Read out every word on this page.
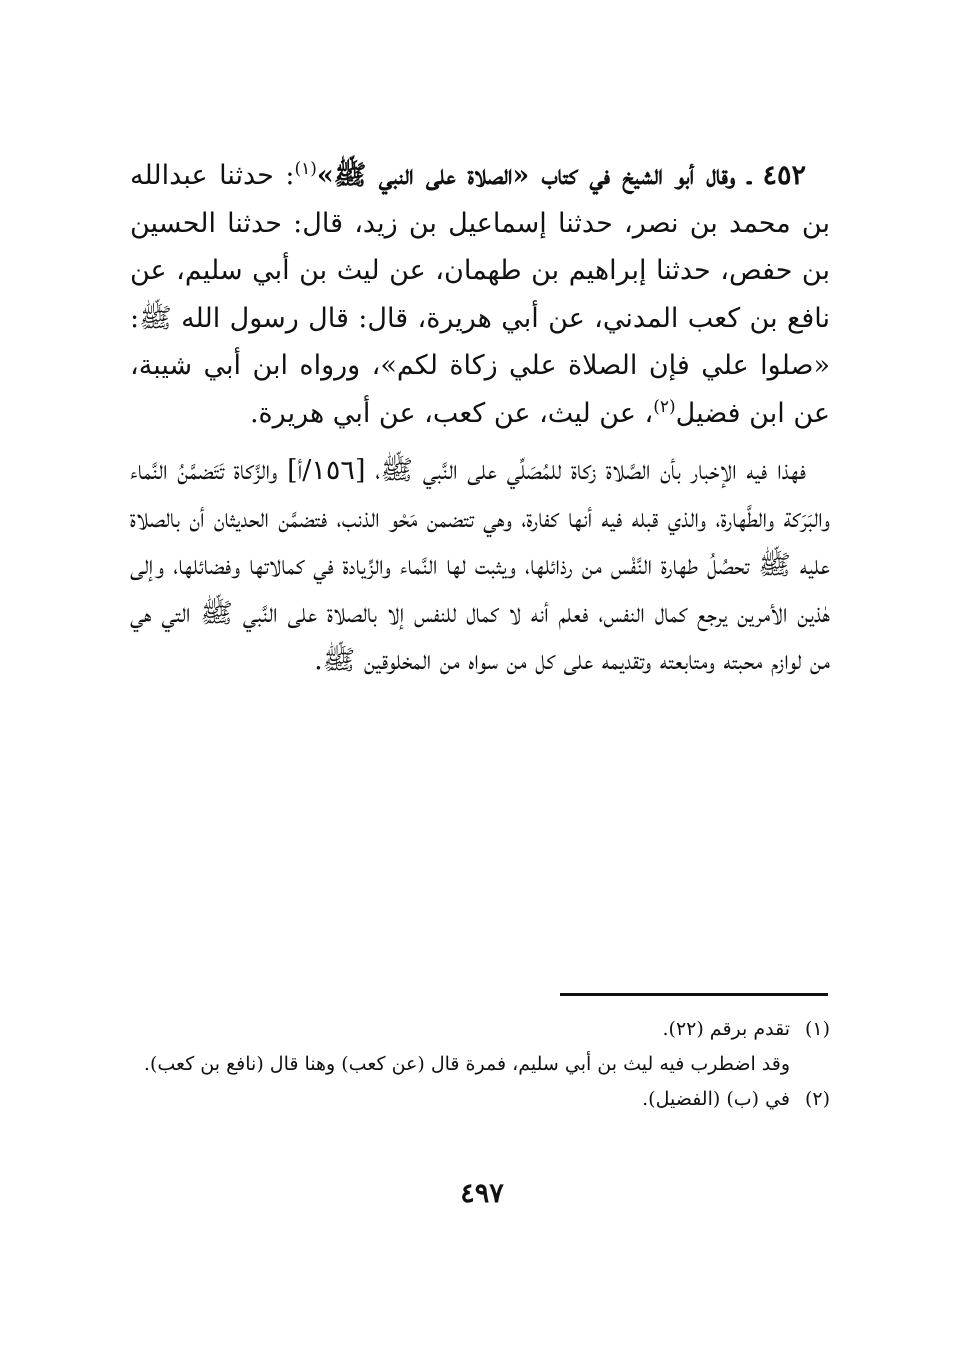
٤٥٢ ـ وقال أبو الشيخ في كتاب «الصلاة على النبي ﷺ»$^{(١)}$: حدثنا عبدالله بن محمد بن نصر، حدثنا إسماعيل بن زيد، قال: حدثنا الحسين بن حفص، حدثنا إبراهيم بن طهمان، عن ليث بن أبي سليم، عن نافع بن كعب المدني، عن أبي هريرة، قال: قال رسول الله ﷺ: «صلوا علي فإن الصلاة علي زكاة لكم»، ورواه ابن أبي شيبة، عن ابن فضيل$^{(٢)}$، عن ليث، عن كعب، عن أبي هريرة.

فهذا فيه الإخبار بأن الصَّلاة زكاة للمُصَلِّي على النَّبي ﷺ، [١٥٦/أ] والزَّكاة تَتَضمَّنُ النَّماء والبَرَكة والطَّهارة، والذي قبله فيه أنها كفارة، وهي تتضمن مَحْو الذنب، فتضمَّن الحديثان أن بالصلاة عليه ﷺ تحصُلُ طهارة النَّفْس من رذائلها، ويثبت لها النَّماء والزِّيادة في كمالاتها وفضائلها، وإلى هٰذين الأمرين يرجع كمال النفس، فعلم أنه لا كمال للنفس إلا بالصلاة على النَّبي ﷺ التي هي من لوازم محبته ومتابعته وتقديمه على كل من سواه من المخلوقين ﷺ.

(١)تقدم برقم (٢٢).

وقد اضطرب فيه ليث بن أبي سليم، فمرة قال (عن كعب) وهنا قال (نافع بن كعب).

(٢)في (ب) (الفضيل).

٤٩٧
